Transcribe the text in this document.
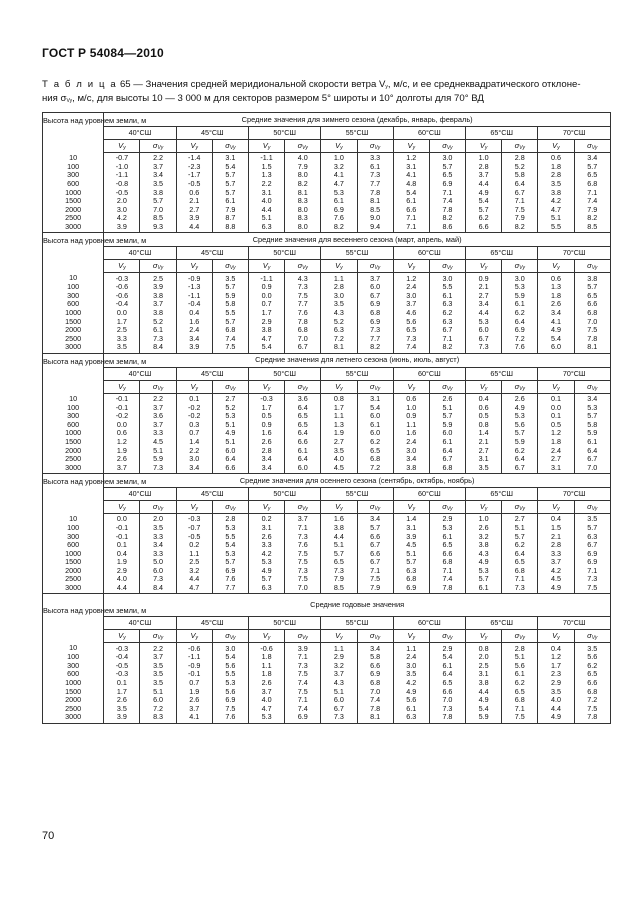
ГОСТ Р 54084—2010
Т а б л и ц а 65 — Значения средней меридиональной скорости ветра $V_y$, м/с, и ее среднеквадратического отклоне-
ния $\sigma_{Vy}$, м/с, для высоты 10 — 3 000 м для секторов размером 5° широты и 10° долготы для 70° ВД
Высота над уровнем земли, м	Средние значения для зимнего сезона (декабрь, январь, февраль)													
	40°СШ		45°СШ		50°СШ		55°СШ		60°СШ		65°СШ		70°СШ	
	$V_y$	$\sigma_{Vy}$	$V_y$	$\sigma_{Vy}$	$V_y$	$\sigma_{Vy}$	$V_y$	$\sigma_{Vy}$	$V_y$	$\sigma_{Vy}$	$V_y$	$\sigma_{Vy}$	$V_y$	$\sigma_{Vy}$
10	-0.7	2.2	-1.4	3.1	-1.1	4.0	1.0	3.3	1.2	3.0	1.0	2.8	0.6	3.4
100	-1.0	3.7	-2.3	5.4	1.5	7.9	3.2	6.1	3.1	5.7	2.8	5.2	1.8	5.7
300	-1.1	3.4	-1.7	5.7	1.3	8.0	4.1	7.3	4.1	6.5	3.7	5.8	2.8	6.5
600	-0.8	3.5	-0.5	5.7	2.2	8.2	4.7	7.7	4.8	6.9	4.4	6.4	3.5	6.8
1000	-0.5	3.8	0.6	5.7	3.1	8.1	5.3	7.8	5.4	7.1	4.9	6.7	3.8	7.1
1500	2.0	5.7	2.1	6.1	4.0	8.3	6.1	8.1	6.1	7.4	5.4	7.1	4.2	7.4
2000	3.0	7.0	2.7	7.9	4.4	8.0	6.9	8.5	6.6	7.8	5.7	7.5	4.7	7.9
2500	4.2	8.5	3.9	8.7	5.1	8.3	7.6	9.0	7.1	8.2	6.2	7.9	5.1	8.2
3000	3.9	9.3	4.4	8.8	6.3	8.0	8.2	9.4	7.1	8.6	6.6	8.2	5.5	8.5
Высота над уровнем земли, м	Средние значения для весеннего сезона (март, апрель, май)													
	40°СШ		45°СШ		50°СШ		55°СШ		60°СШ		65°СШ		70°СШ	
	$V_y$	$\sigma_{Vy}$	$V_y$	$\sigma_{Vy}$	$V_y$	$\sigma_{Vy}$	$V_y$	$\sigma_{Vy}$	$V_y$	$\sigma_{Vy}$	$V_y$	$\sigma_{Vy}$	$V_y$	$\sigma_{Vy}$
10	-0.3	2.5	-0.9	3.5	-1.1	4.3	1.1	3.7	1.2	3.0	0.9	3.0	0.6	3.8
100	-0.6	3.9	-1.3	5.7	0.9	7.3	2.8	6.0	2.4	5.5	2.1	5.3	1.3	5.7
300	-0.6	3.8	-1.1	5.9	0.0	7.5	3.0	6.7	3.0	6.1	2.7	5.9	1.8	6.5
600	-0.4	3.7	-0.4	5.8	0.7	7.7	3.5	6.9	3.7	6.3	3.4	6.1	2.6	6.6
1000	0.0	3.8	0.4	5.5	1.7	7.6	4.3	6.8	4.6	6.2	4.4	6.2	3.4	6.8
1500	1.7	5.2	1.6	5.7	2.9	7.8	5.2	6.9	5.6	6.3	5.3	6.4	4.1	7.0
2000	2.5	6.1	2.4	6.8	3.8	6.8	6.3	7.3	6.5	6.7	6.0	6.9	4.9	7.5
2500	3.3	7.3	3.4	7.4	4.7	7.0	7.2	7.7	7.3	7.1	6.7	7.2	5.4	7.8
3000	3.5	8.4	3.9	7.5	5.4	6.7	8.1	8.2	7.4	8.2	7.3	7.6	6.0	8.1
Высота над уровнем земли, м	Средние значения для летнего сезона (июнь, июль, август)													
	40°СШ		45°СШ		50°СШ		55°СШ		60°СШ		65°СШ		70°СШ	
	$V_y$	$\sigma_{Vy}$	$V_y$	$\sigma_{Vy}$	$V_y$	$\sigma_{Vy}$	$V_y$	$\sigma_{Vy}$	$V_y$	$\sigma_{Vy}$	$V_y$	$\sigma_{Vy}$	$V_y$	$\sigma_{Vy}$
10	-0.1	2.2	0.1	2.7	-0.3	3.6	0.8	3.1	0.6	2.6	0.4	2.6	0.1	3.4
100	-0.1	3.7	-0.2	5.2	1.7	6.4	1.7	5.4	1.0	5.1	0.6	4.9	0.0	5.3
300	-0.2	3.6	-0.2	5.3	0.5	6.5	1.1	6.0	0.9	5.7	0.5	5.3	0.1	5.7
600	0.0	3.7	0.3	5.1	0.9	6.5	1.3	6.1	1.1	5.9	0.8	5.6	0.5	5.8
1000	0.6	3.3	0.7	4.9	1.6	6.4	1.9	6.0	1.6	6.0	1.4	5.7	1.2	5.9
1500	1.2	4.5	1.4	5.1	2.6	6.6	2.7	6.2	2.4	6.1	2.1	5.9	1.8	6.1
2000	1.9	5.1	2.2	6.0	2.8	6.1	3.5	6.5	3.0	6.4	2.7	6.2	2.4	6.4
2500	2.6	5.9	3.0	6.4	3.4	6.4	4.0	6.8	3.4	6.7	3.1	6.4	2.7	6.7
3000	3.7	7.3	3.4	6.6	3.4	6.0	4.5	7.2	3.8	6.8	3.5	6.7	3.1	7.0
Высота над уровнем земли, м	Средние значения для осеннего сезона (сентябрь, октябрь, ноябрь)													
	40°СШ		45°СШ		50°СШ		55°СШ		60°СШ		65°СШ		70°СШ	
	$V_y$	$\sigma_{Vy}$	$V_y$	$\sigma_{Vy}$	$V_y$	$\sigma_{Vy}$	$V_y$	$\sigma_{Vy}$	$V_y$	$\sigma_{Vy}$	$V_y$	$\sigma_{Vy}$	$V_y$	$\sigma_{Vy}$
10	0.0	2.0	-0.3	2.8	0.2	3.7	1.6	3.4	1.4	2.9	1.0	2.7	0.4	3.5
100	-0.1	3.5	-0.7	5.3	3.1	7.1	3.8	5.7	3.1	5.3	2.6	5.1	1.5	5.7
300	-0.1	3.3	-0.5	5.5	2.6	7.3	4.4	6.6	3.9	6.1	3.2	5.7	2.1	6.3
600	0.1	3.4	0.2	5.4	3.3	7.6	5.1	6.7	4.5	6.5	3.8	6.2	2.8	6.7
1000	0.4	3.3	1.1	5.3	4.2	7.5	5.7	6.6	5.1	6.6	4.3	6.4	3.3	6.9
1500	1.9	5.0	2.5	5.7	5.3	7.5	6.5	6.7	5.7	6.8	4.9	6.5	3.7	6.9
2000	2.9	6.0	3.2	6.9	4.9	7.3	7.3	7.1	6.3	7.1	5.3	6.8	4.2	7.1
2500	4.0	7.3	4.4	7.6	5.7	7.5	7.9	7.5	6.8	7.4	5.7	7.1	4.5	7.3
3000	4.4	8.4	4.7	7.7	6.3	7.0	8.5	7.9	6.9	7.8	6.1	7.3	4.9	7.5
Высота над уровнем земли, м	Средние годовые значения													
	40°СШ		45°СШ		50°СШ		55°СШ		60°СШ		65°СШ		70°СШ	
	$V_y$	$\sigma_{Vy}$	$V_y$	$\sigma_{Vy}$	$V_y$	$\sigma_{Vy}$	$V_y$	$\sigma_{Vy}$	$V_y$	$\sigma_{Vy}$	$V_y$	$\sigma_{Vy}$	$V_y$	$\sigma_{Vy}$
10	-0.3	2.2	-0.6	3.0	-0.6	3.9	1.1	3.4	1.1	2.9	0.8	2.8	0.4	3.5
100	-0.4	3.7	-1.1	5.4	1.8	7.1	2.9	5.8	2.4	5.4	2.0	5.1	1.2	5.6
300	-0.5	3.5	-0.9	5.6	1.1	7.3	3.2	6.6	3.0	6.1	2.5	5.6	1.7	6.2
600	-0.3	3.5	-0.1	5.5	1.8	7.5	3.7	6.9	3.5	6.4	3.1	6.1	2.3	6.5
1000	0.1	3.5	0.7	5.3	2.6	7.4	4.3	6.8	4.2	6.5	3.8	6.2	2.9	6.6
1500	1.7	5.1	1.9	5.6	3.7	7.5	5.1	7.0	4.9	6.6	4.4	6.5	3.5	6.8
2000	2.6	6.0	2.6	6.9	4.0	7.1	6.0	7.4	5.6	7.0	4.9	6.8	4.0	7.2
2500	3.5	7.2	3.7	7.5	4.7	7.4	6.7	7.8	6.1	7.3	5.4	7.1	4.4	7.5
3000	3.9	8.3	4.1	7.6	5.3	6.9	7.3	8.1	6.3	7.8	5.9	7.5	4.9	7.8
70
